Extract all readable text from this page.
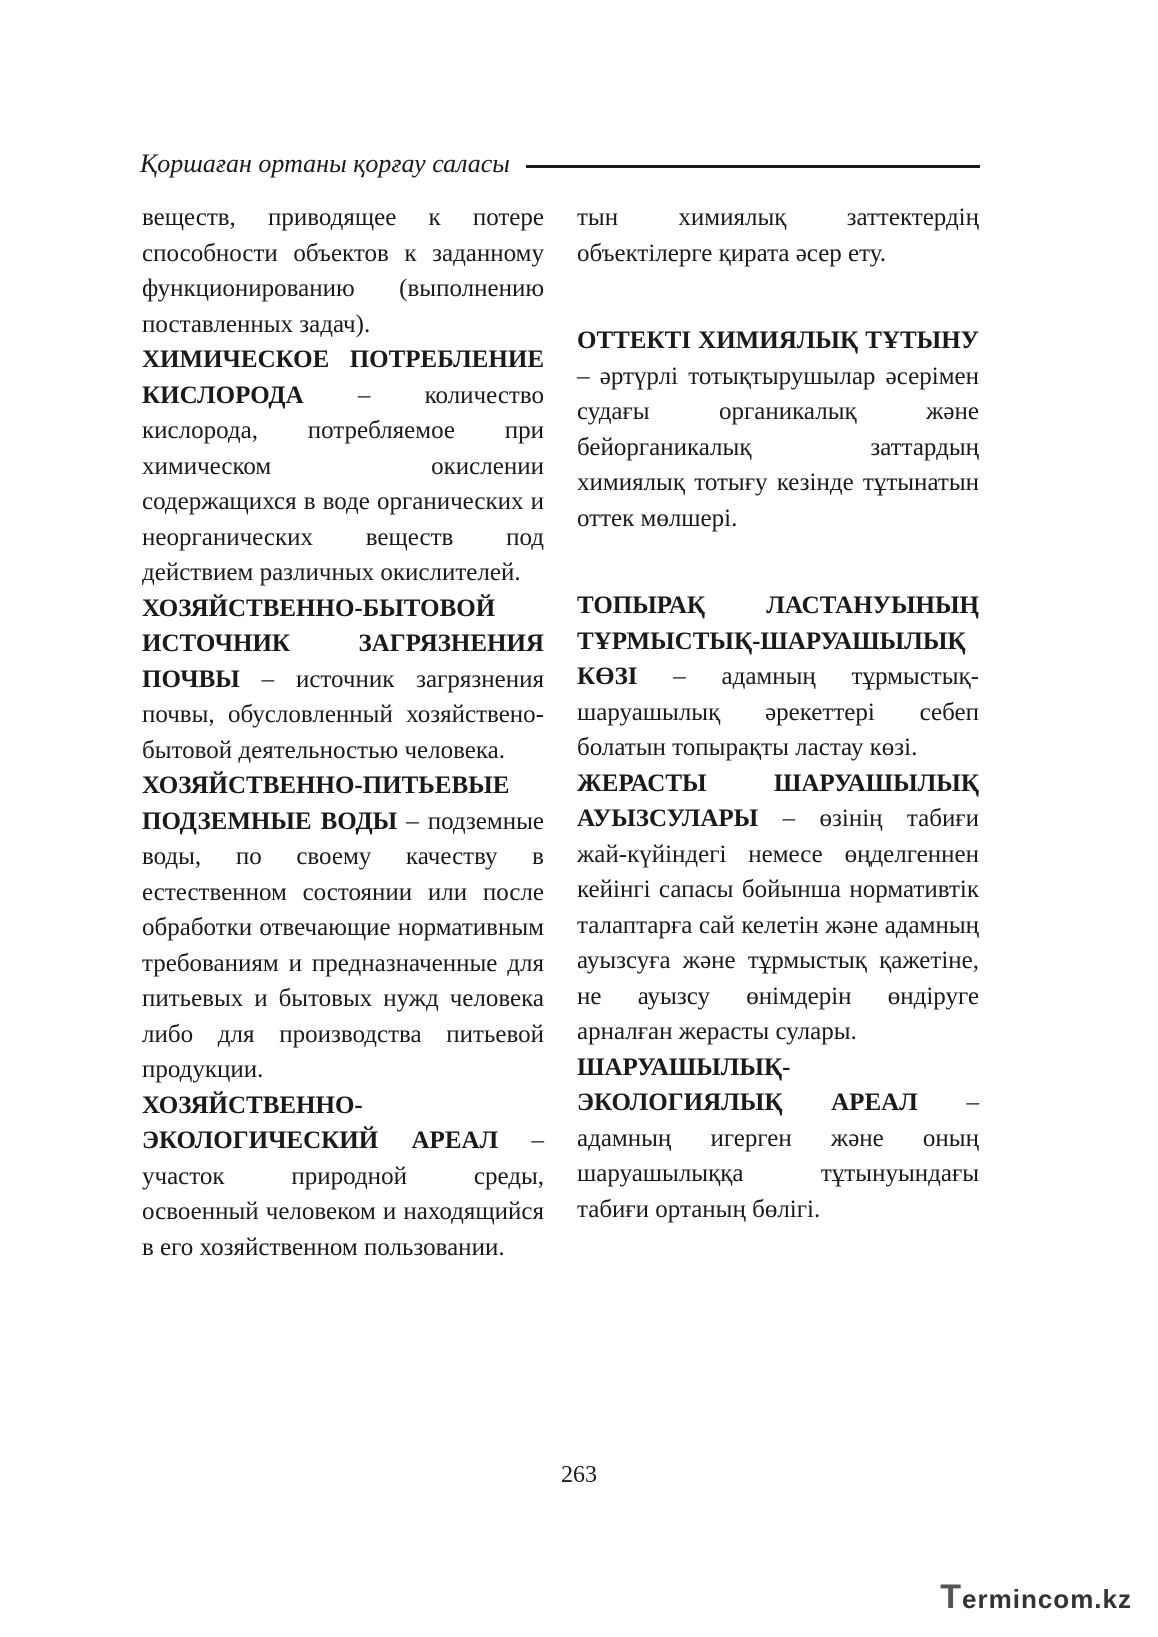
Қоршаған ортаны қорғау саласы

веществ, приводящее к потере способности объектов к заданному функционированию (выполнению поставленных задач).

ХИМИЧЕСКОЕ ПОТРЕБЛЕНИЕ КИСЛОРОДА – количество кислорода, потребляемое при химическом окислении содержащихся в воде органических и неорганических веществ под действием различных окислителей.

ХОЗЯЙСТВЕННО-БЫТОВОЙ ИСТОЧНИК ЗАГРЯЗНЕНИЯ ПОЧВЫ – источник загрязнения почвы, обусловленный хозяйствено-бытовой деятельностью человека.

ХОЗЯЙСТВЕННО-ПИТЬЕВЫЕ ПОДЗЕМНЫЕ ВОДЫ – подземные воды, по своему качеству в естественном состоянии или после обработки отвечающие нормативным требованиям и предназначенные для питьевых и бытовых нужд человека либо для производства питьевой продукции.

ХОЗЯЙСТВЕННО-ЭКОЛОГИЧЕСКИЙ АРЕАЛ – участок природной среды, освоенный человеком и находящийся в его хозяйственном пользовании.

тын химиялық заттектердің объектілерге қирата әсер ету.

ОТТЕКТІ ХИМИЯЛЫҚ ТҰТЫНУ – әртүрлі тотықтырушылар әсерімен судағы органикалық және бейорганикалық заттардың химиялық тотығу кезінде тұтынатын оттек мөлшері.

ТОПЫРАҚ ЛАСТАНУЫНЫҢ ТҰРМЫСТЫҚ-ШАРУАШЫЛЫҚ КӨЗІ – адамның тұрмыстық-шаруашылық әрекеттері себеп болатын топырақты ластау көзі.

ЖЕРАСТЫ ШАРУАШЫЛЫҚ АУЫЗСУЛАРЫ – өзінің табиғи жай-күйіндегі немесе өңделгеннен кейінгі сапасы бойынша нормативтік талаптарға сай келетін және адамның ауызсуға және тұрмыстық қажетіне, не ауызсу өнімдерін өндіруге арналған жерасты сулары.

ШАРУАШЫЛЫҚ-ЭКОЛОГИЯЛЫҚ АРЕАЛ – адамның игерген және оның шаруашылыққа тұтынуындағы табиғи ортаның бөлігі.

263
Termincom.kz
